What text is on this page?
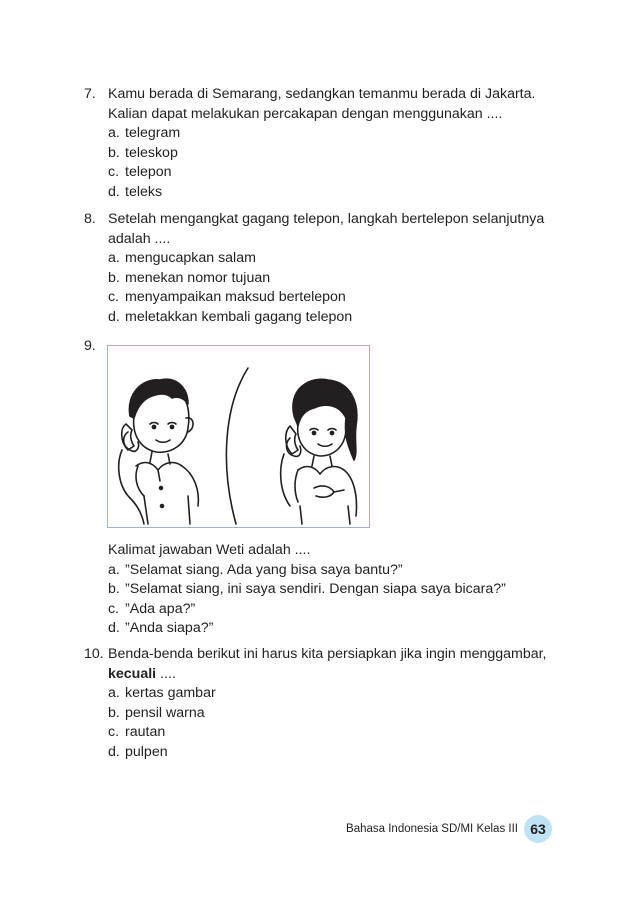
7. Kamu berada di Semarang, sedangkan temanmu berada di Jakarta.
Kalian dapat melakukan percakapan dengan menggunakan ....
a. telegram
b. teleskop
c. telepon
d. teleks
8. Setelah mengangkat gagang telepon, langkah bertelepon selanjutnya
adalah ....
a. mengucapkan salam
b. menekan nomor tujuan
c. menyampaikan maksud bertelepon
d. meletakkan kembali gagang telepon
9.
Kalimat jawaban Weti adalah ....
a. ”Selamat siang. Ada yang bisa saya bantu?”
b. ”Selamat siang, ini saya sendiri. Dengan siapa saya bicara?”
c. ”Ada apa?”
d. ”Anda siapa?”
10. Benda-benda berikut ini harus kita persiapkan jika ingin menggambar,
kecuali ....
a. kertas gambar
b. pensil warna
c. rautan
d. pulpen
Bahasa Indonesia SD/MI Kelas III 63
